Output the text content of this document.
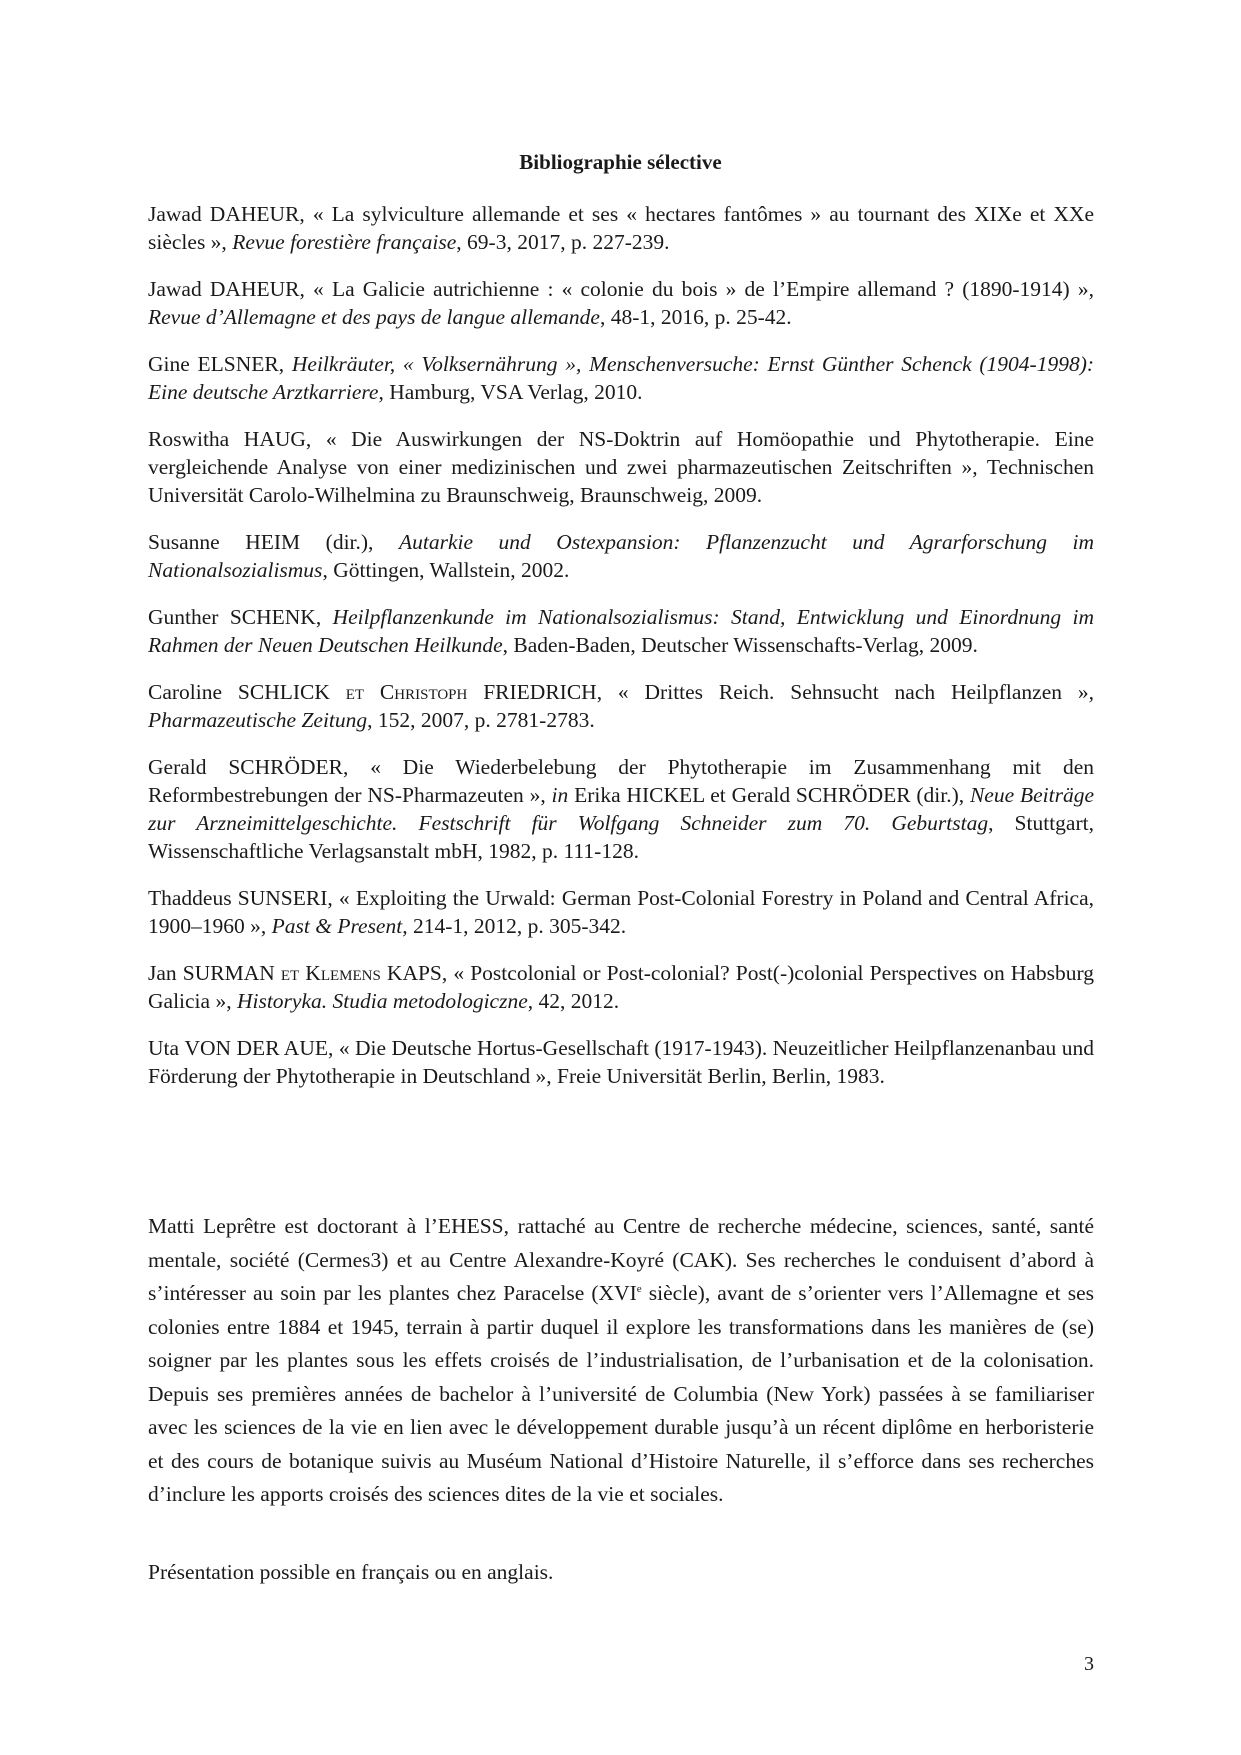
Bibliographie sélective

Jawad DAHEUR, « La sylviculture allemande et ses « hectares fantômes » au tournant des XIXe et XXe siècles », Revue forestière française, 69-3, 2017, p. 227-239.

Jawad DAHEUR, « La Galicie autrichienne : « colonie du bois » de l’Empire allemand ? (1890-1914) », Revue d’Allemagne et des pays de langue allemande, 48-1, 2016, p. 25-42.

Gine ELSNER, Heilkräuter, « Volksernährung », Menschenversuche: Ernst Günther Schenck (1904-1998): Eine deutsche Arztkarriere, Hamburg, VSA Verlag, 2010.

Roswitha HAUG, « Die Auswirkungen der NS-Doktrin auf Homöopathie und Phytotherapie. Eine vergleichende Analyse von einer medizinischen und zwei pharmazeutischen Zeitschriften », Technischen Universität Carolo-Wilhelmina zu Braunschweig, Braunschweig, 2009.

Susanne HEIM (dir.), Autarkie und Ostexpansion: Pflanzenzucht und Agrarforschung im Nationalsozialismus, Göttingen, Wallstein, 2002.

Gunther SCHENK, Heilpflanzenkunde im Nationalsozialismus: Stand, Entwicklung und Einordnung im Rahmen der Neuen Deutschen Heilkunde, Baden-Baden, Deutscher Wissenschafts-Verlag, 2009.

Caroline SCHLICK et Christoph FRIEDRICH, « Drittes Reich. Sehnsucht nach Heilpflanzen », Pharmazeutische Zeitung, 152, 2007, p. 2781-2783.

Gerald SCHRÖDER, « Die Wiederbelebung der Phytotherapie im Zusammenhang mit den Reformbestrebungen der NS-Pharmazeuten », in Erika HICKEL et Gerald SCHRÖDER (dir.), Neue Beiträge zur Arzneimittelgeschichte. Festschrift für Wolfgang Schneider zum 70. Geburtstag, Stuttgart, Wissenschaftliche Verlagsanstalt mbH, 1982, p. 111-128.

Thaddeus SUNSERI, « Exploiting the Urwald: German Post-Colonial Forestry in Poland and Central Africa, 1900–1960 », Past & Present, 214-1, 2012, p. 305-342.

Jan SURMAN et Klemens KAPS, « Postcolonial or Post-colonial? Post(-)colonial Perspectives on Habsburg Galicia », Historyka. Studia metodologiczne, 42, 2012.

Uta VON DER AUE, « Die Deutsche Hortus-Gesellschaft (1917-1943). Neuzeitlicher Heilpflanzenanbau und Förderung der Phytotherapie in Deutschland », Freie Universität Berlin, Berlin, 1983.

Matti Leprêtre est doctorant à l’EHESS, rattaché au Centre de recherche médecine, sciences, santé, santé mentale, société (Cermes3) et au Centre Alexandre-Koyré (CAK). Ses recherches le conduisent d’abord à s’intéresser au soin par les plantes chez Paracelse (XVIe siècle), avant de s’orienter vers l’Allemagne et ses colonies entre 1884 et 1945, terrain à partir duquel il explore les transformations dans les manières de (se) soigner par les plantes sous les effets croisés de l’industrialisation, de l’urbanisation et de la colonisation. Depuis ses premières années de bachelor à l’université de Columbia (New York) passées à se familiariser avec les sciences de la vie en lien avec le développement durable jusqu’à un récent diplôme en herboristerie et des cours de botanique suivis au Muséum National d’Histoire Naturelle, il s’efforce dans ses recherches d’inclure les apports croisés des sciences dites de la vie et sociales.

Présentation possible en français ou en anglais.
3
